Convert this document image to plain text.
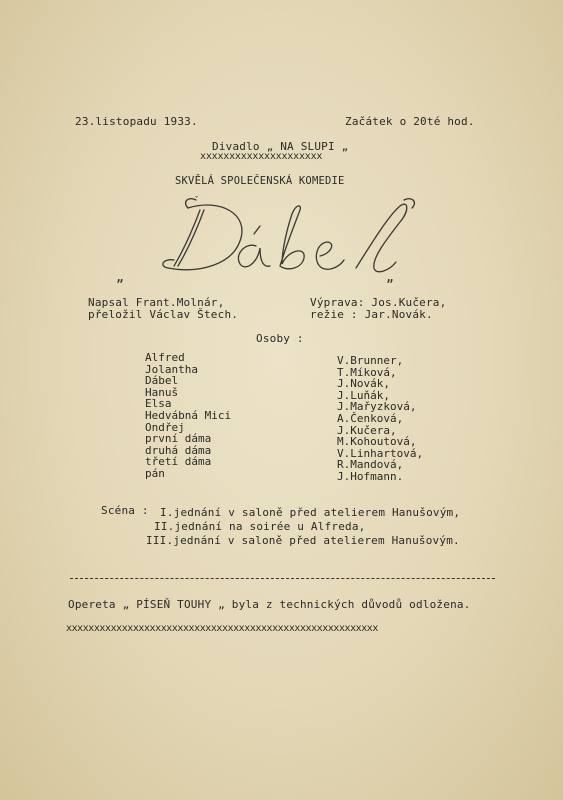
23.listopadu 1933.	Začátek o 20té hod.
Divadlo „ NA SLUPI „
xxxxxxxxxxxxxxxxxxxxx
SKVĚLÁ SPOLEČENSKÁ KOMEDIE
ˇ
„	„
Napsal Frant.Molnár,
přeložil Václav Štech.
Výprava: Jos.Kučera,
režie : Jar.Novák.
Osoby :
Alfred
Jolantha
Dábel
Hanuš
Elsa
Hedvábná Mici
Ondřej
první dáma
druhá dáma
třetí dáma
pán
V.Brunner,
T.Míková,
J.Novák,
J.Luňák,
J.Mařyzková,
A.Čenková,
J.Kučera,
M.Kohoutová,
V.Linhartová,
R.Mandová,
J.Hofmann.
Scéna : I.jednání v saloně před atelierem Hanušovým,
II.jednání na soirée u Alfreda,
III.jednání v saloně před atelierem Hanušovým.
Opereta „ PÍSEŇ TOUHY „ byla z technických důvodů odložena.
xxxxxxxxxxxxxxxxxxxxxxxxxxxxxxxxxxxxxxxxxxxxxxxxxxxxxxxx
